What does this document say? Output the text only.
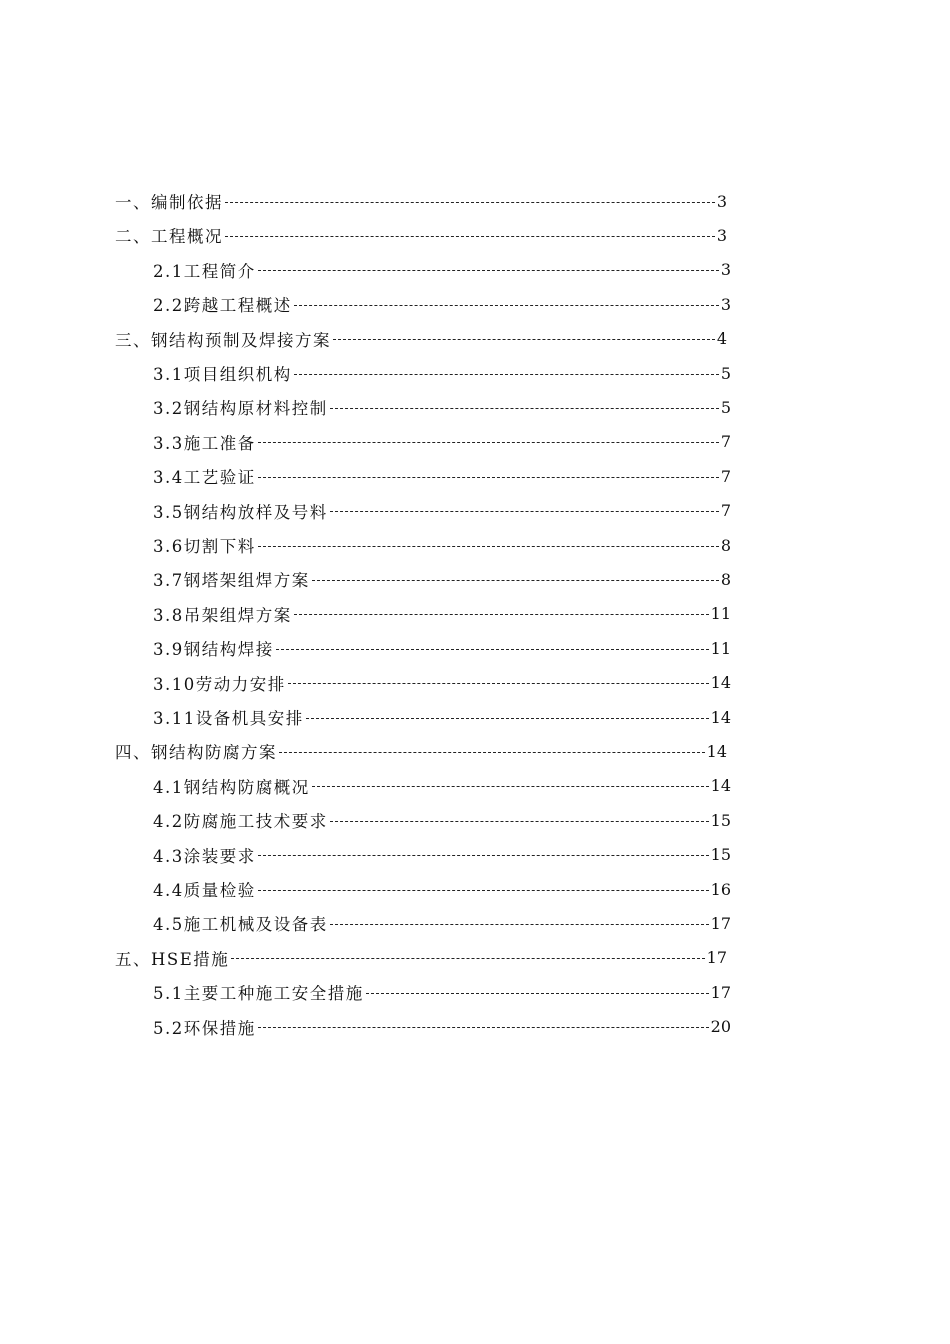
一、编制依据	3
二、工程概况	3
2.1工程简介	3
2.2跨越工程概述	3
三、钢结构预制及焊接方案	4
3.1项目组织机构	5
3.2钢结构原材料控制	5
3.3施工准备	7
3.4工艺验证	7
3.5钢结构放样及号料	7
3.6切割下料	8
3.7钢塔架组焊方案	8
3.8吊架组焊方案	11
3.9钢结构焊接	11
3.10劳动力安排	14
3.11设备机具安排	14
四、钢结构防腐方案	14
4.1钢结构防腐概况	14
4.2防腐施工技术要求	15
4.3涂装要求	15
4.4质量检验	16
4.5施工机械及设备表	17
五、HSE措施	17
5.1主要工种施工安全措施	17
5.2环保措施	20
